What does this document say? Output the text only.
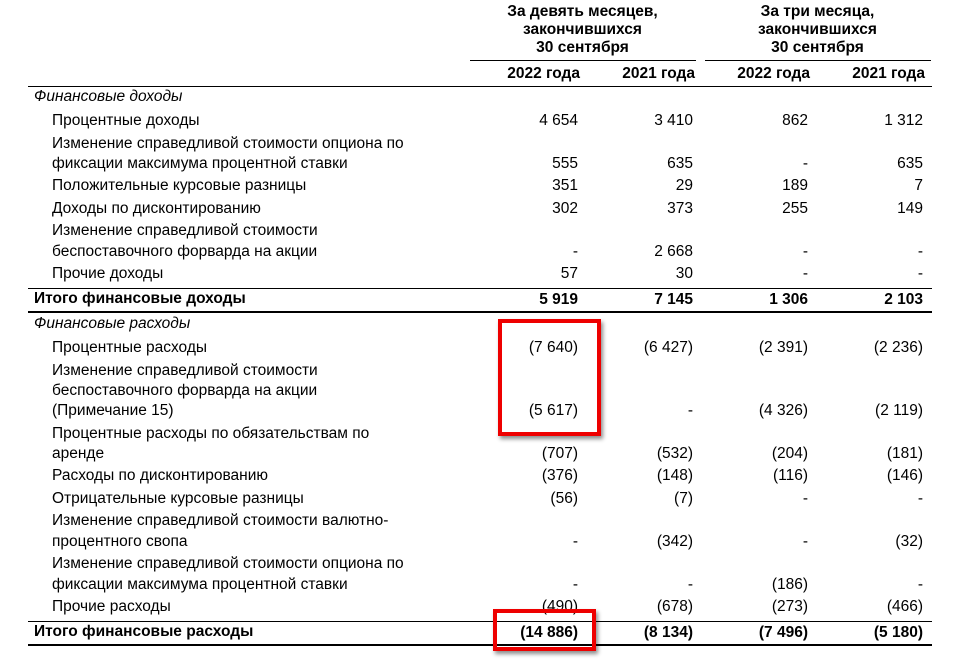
За девять месяцев,
закончившихся
30 сентября
За три месяца,
закончившихся
30 сентября
2022 года	2021 года	2022 года	2021 года
Финансовые доходы
Процентные доходы	4 654	3 410	862	1 312
Изменение справедливой стоимости опциона по
фиксации максимума процентной ставки	555	635	-	635
Положительные курсовые разницы	351	29	189	7
Доходы по дисконтированию	302	373	255	149
Изменение справедливой стоимости
беспоставочного форварда на акции	-	2 668	-	-
Прочие доходы	57	30	-	-
Итого финансовые доходы	5 919	7 145	1 306	2 103
Финансовые расходы
Процентные расходы	(7 640)	(6 427)	(2 391)	(2 236)
Изменение справедливой стоимости
беспоставочного форварда на акции
(Примечание 15)	(5 617)	-	(4 326)	(2 119)
Процентные расходы по обязательствам по
аренде	(707)	(532)	(204)	(181)
Расходы по дисконтированию	(376)	(148)	(116)	(146)
Отрицательные курсовые разницы	(56)	(7)	-	-
Изменение справедливой стоимости валютно-
процентного свопа	-	(342)	-	(32)
Изменение справедливой стоимости опциона по
фиксации максимума процентной ставки	-	-	(186)	-
Прочие расходы	(490)	(678)	(273)	(466)
Итого финансовые расходы	(14 886)	(8 134)	(7 496)	(5 180)
